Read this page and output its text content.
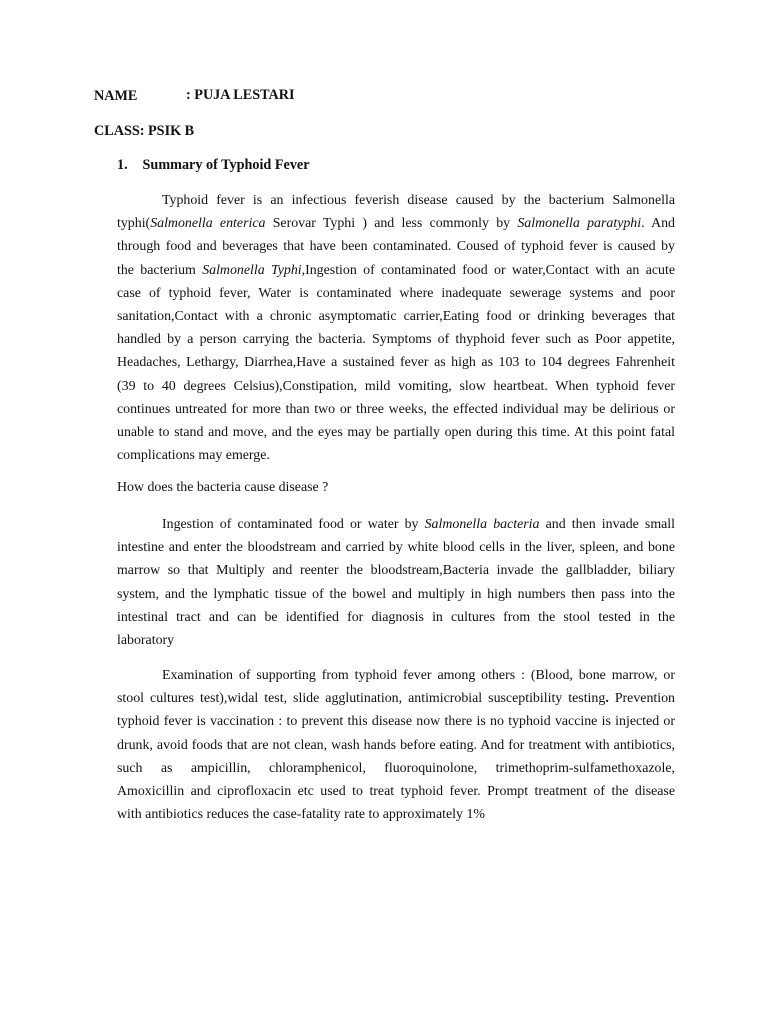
NAME	: PUJA LESTARI
CLASS: PSIK B
1. Summary of Typhoid Fever
Typhoid fever is an infectious feverish disease caused by the bacterium Salmonella
typhi(Salmonella enterica Serovar Typhi ) and less commonly by Salmonella paratyphi. And
through food and beverages that have been contaminated. Coused of typhoid fever is caused by
the bacterium Salmonella Typhi,Ingestion of contaminated food or water,Contact with an acute
case of typhoid fever, Water is contaminated where inadequate sewerage systems and poor
sanitation,Contact with a chronic asymptomatic carrier,Eating food or drinking beverages that
handled by a person carrying the bacteria. Symptoms of thyphoid fever such as Poor appetite,
Headaches, Lethargy, Diarrhea,Have a sustained fever as high as 103 to 104 degrees Fahrenheit
(39 to 40 degrees Celsius),Constipation, mild vomiting, slow heartbeat. When typhoid fever
continues untreated for more than two or three weeks, the effected individual may be delirious or
unable to stand and move, and the eyes may be partially open during this time. At this point fatal
complications may emerge.
How does the bacteria cause disease ?
Ingestion of contaminated food or water by Salmonella bacteria and then invade small
intestine and enter the bloodstream and carried by white blood cells in the liver, spleen, and bone
marrow so that Multiply and reenter the bloodstream,Bacteria invade the gallbladder, biliary
system, and the lymphatic tissue of the bowel and multiply in high numbers then pass into the
intestinal tract and can be identified for diagnosis in cultures from the stool tested in the
laboratory
Examination of supporting from typhoid fever among others : (Blood, bone marrow, or
stool cultures test),widal test, slide agglutination, antimicrobial susceptibility testing. Prevention
typhoid fever is vaccination : to prevent this disease now there is no typhoid vaccine is injected or
drunk, avoid foods that are not clean, wash hands before eating. And for treatment with antibiotics,
such as ampicillin, chloramphenicol, fluoroquinolone, trimethoprim-sulfamethoxazole,
Amoxicillin and ciprofloxacin etc used to treat typhoid fever. Prompt treatment of the disease
with antibiotics reduces the case-fatality rate to approximately 1%
